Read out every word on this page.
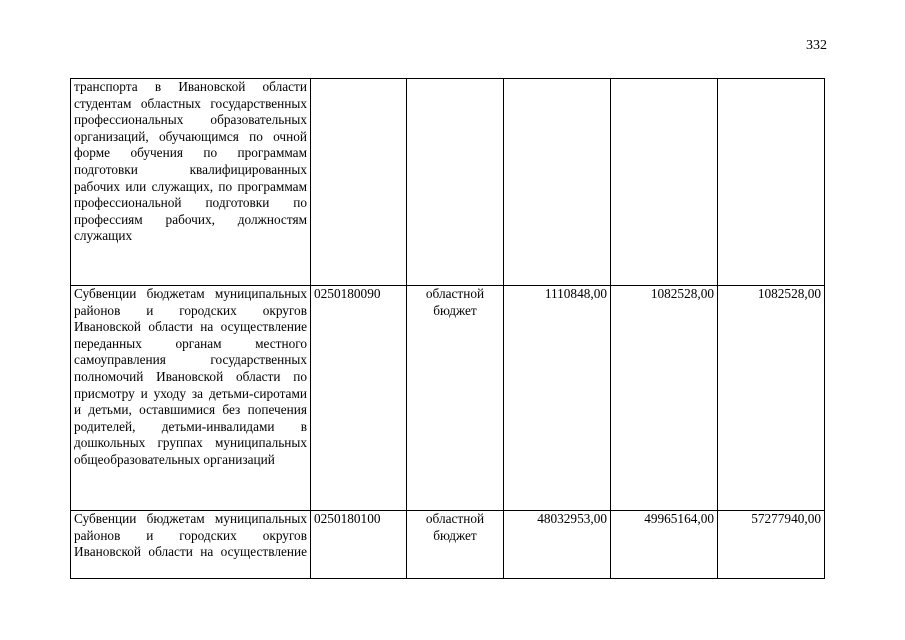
332
транспорта в Ивановской области студентам областных государственных профессиональных образовательных организаций, обучающимся по очной форме обучения по программам подготовки квалифицированных рабочих или служащих, по программам профессиональной подготовки по профессиям рабочих, должностям служащих					
Субвенции бюджетам муниципальных районов и городских округов Ивановской области на осуществление переданных органам местного самоуправления государственных полномочий Ивановской области по присмотру и уходу за детьми-сиротами и детьми, оставшимися без попечения родителей, детьми-инвалидами в дошкольных группах муниципальных общеобразовательных организаций	0250180090	областной бюджет	1110848,00	1082528,00	1082528,00
Субвенции бюджетам муниципальных районов и городских округов Ивановской области на осуществление	0250180100	областной бюджет	48032953,00	49965164,00	57277940,00
